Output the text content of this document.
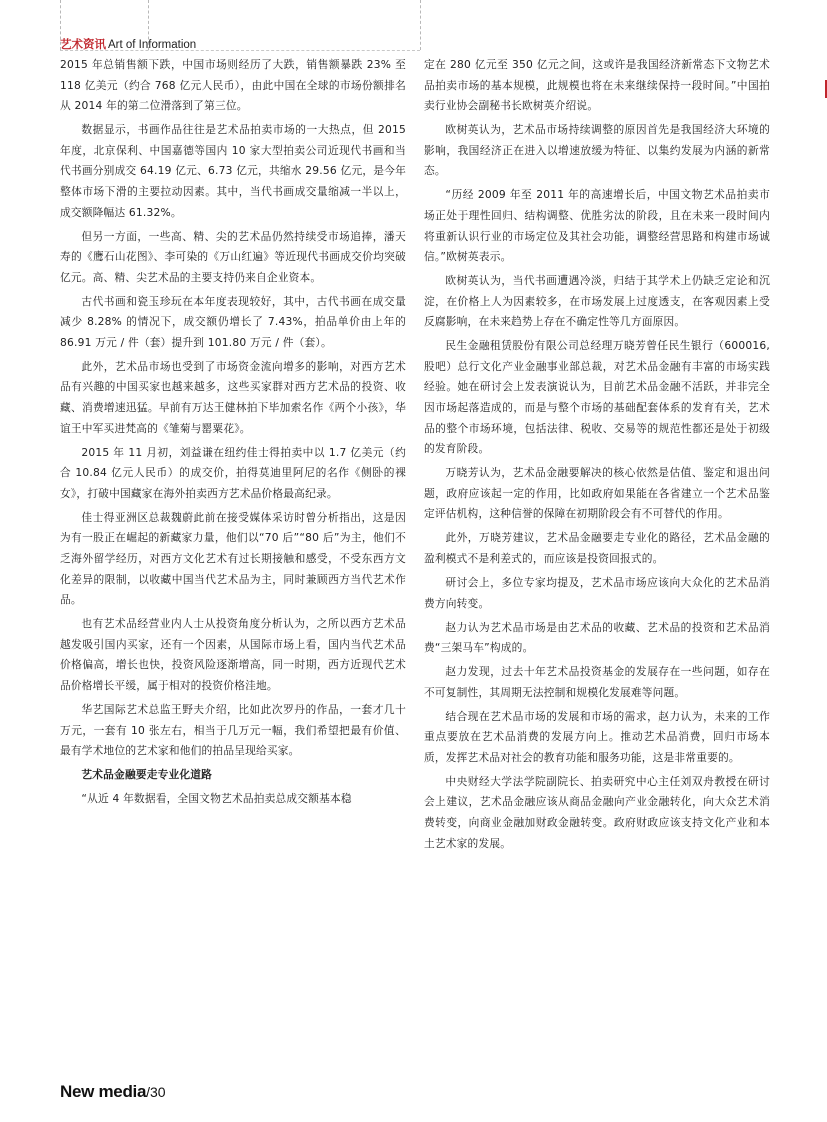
艺术资讯 Art of Information

2015 年总销售额下跌，中国市场则经历了大跌，销售额暴跌 23% 至 118 亿美元（约合 768 亿元人民币），由此中国在全球的市场份额排名从 2014 年的第二位滑落到了第三位。

数据显示，书画作品往往是艺术品拍卖市场的一大热点，但 2015 年度，北京保利、中国嘉德等国内 10 家大型拍卖公司近现代书画和当代书画分别成交 64.19 亿元、6.73 亿元，共缩水 29.56 亿元，是今年整体市场下滑的主要拉动因素。其中，当代书画成交量缩减一半以上，成交额降幅达 61.32%。

但另一方面，一些高、精、尖的艺术品仍然持续受市场追捧，潘天寿的《鹰石山花图》、李可染的《万山红遍》等近现代书画成交价均突破亿元。高、精、尖艺术品的主要支持仍来自企业资本。

古代书画和瓷玉珍玩在本年度表现较好，其中，古代书画在成交量减少 8.28% 的情况下，成交额仍增长了 7.43%，拍品单价由上年的 86.91 万元 / 件（套）提升到 101.80 万元 / 件（套）。

此外，艺术品市场也受到了市场资金流向增多的影响，对西方艺术品有兴趣的中国买家也越来越多，这些买家群对西方艺术品的投资、收藏、消费增速迅猛。早前有万达王健林拍下毕加索名作《两个小孩》，华谊王中军买进梵高的《雏菊与罂粟花》。

2015 年 11 月初，刘益谦在纽约佳士得拍卖中以 1.7 亿美元（约合 10.84 亿元人民币）的成交价，拍得莫迪里阿尼的名作《侧卧的裸女》，打破中国藏家在海外拍卖西方艺术品价格最高纪录。

佳士得亚洲区总裁魏蔚此前在接受媒体采访时曾分析指出，这是因为有一股正在崛起的新藏家力量，他们以“70 后”“80 后”为主，他们不乏海外留学经历，对西方文化艺术有过长期接触和感受，不受东西方文化差异的限制，以收藏中国当代艺术品为主，同时兼顾西方当代艺术作品。

也有艺术品经营业内人士从投资角度分析认为，之所以西方艺术品越发吸引国内买家，还有一个因素，从国际市场上看，国内当代艺术品价格偏高，增长也快，投资风险逐渐增高，同一时期，西方近现代艺术品价格增长平缓，属于相对的投资价格洼地。

华艺国际艺术总监王野夫介绍，比如此次罗丹的作品，一套才几十万元，一套有 10 张左右，相当于几万元一幅，我们希望把最有价值、最有学术地位的艺术家和他们的拍品呈现给买家。

艺术品金融要走专业化道路

“从近 4 年数据看，全国文物艺术品拍卖总成交额基本稳

定在 280 亿元至 350 亿元之间，这或许是我国经济新常态下文物艺术品拍卖市场的基本规模，此规模也将在未来继续保持一段时间。”中国拍卖行业协会副秘书长欧树英介绍说。

欧树英认为，艺术品市场持续调整的原因首先是我国经济大环境的影响，我国经济正在进入以增速放缓为特征、以集约发展为内涵的新常态。

“历经 2009 年至 2011 年的高速增长后，中国文物艺术品拍卖市场正处于理性回归、结构调整、优胜劣汰的阶段，且在未来一段时间内将重新认识行业的市场定位及其社会功能，调整经营思路和构建市场诚信。”欧树英表示。

欧树英认为，当代书画遭遇冷淡，归结于其学术上仍缺乏定论和沉淀，在价格上人为因素较多，在市场发展上过度透支，在客观因素上受反腐影响，在未来趋势上存在不确定性等几方面原因。

民生金融租赁股份有限公司总经理万晓芳曾任民生银行（600016, 股吧）总行文化产业金融事业部总裁，对艺术品金融有丰富的市场实践经验。她在研讨会上发表演说认为，目前艺术品金融不活跃，并非完全因市场起落造成的，而是与整个市场的基础配套体系的发育有关，艺术品的整个市场环境，包括法律、税收、交易等的规范性都还是处于初级的发育阶段。

万晓芳认为，艺术品金融要解决的核心依然是估值、鉴定和退出问题，政府应该起一定的作用，比如政府如果能在各省建立一个艺术品鉴定评估机构，这种信誉的保障在初期阶段会有不可替代的作用。

此外，万晓芳建议，艺术品金融要走专业化的路径，艺术品金融的盈利模式不是利差式的，而应该是投资回报式的。

研讨会上，多位专家均提及，艺术品市场应该向大众化的艺术品消费方向转变。

赵力认为艺术品市场是由艺术品的收藏、艺术品的投资和艺术品消费“三架马车”构成的。

赵力发现，过去十年艺术品投资基金的发展存在一些问题，如存在不可复制性，其周期无法控制和规模化发展难等问题。

结合现在艺术品市场的发展和市场的需求，赵力认为，未来的工作重点要放在艺术品消费的发展方向上。推动艺术品消费，回归市场本质，发挥艺术品对社会的教育功能和服务功能，这是非常重要的。

中央财经大学法学院副院长、拍卖研究中心主任刘双舟教授在研讨会上建议，艺术品金融应该从商品金融向产业金融转化，向大众艺术消费转变，向商业金融加财政金融转变。政府财政应该支持文化产业和本土艺术家的发展。

New media/30
